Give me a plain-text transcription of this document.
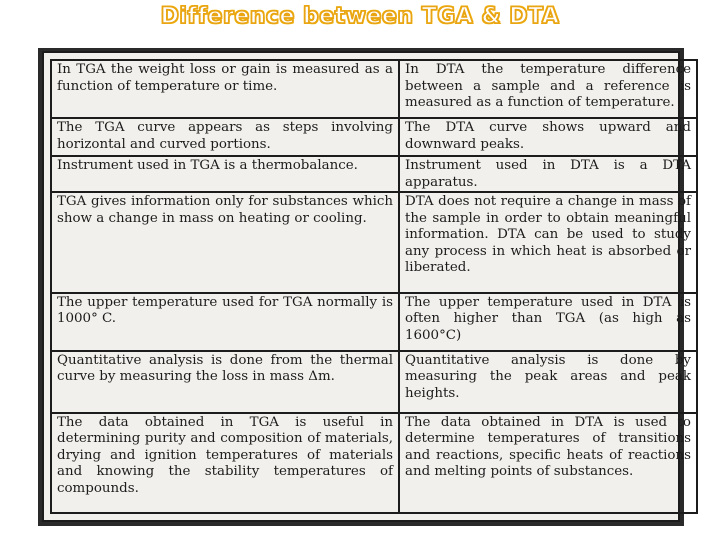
Difference between TGA & DTA
In TGA the weight loss or gain is measured as a function of temperature or time.	In DTA the temperature difference between a sample and a reference is measured as a function of temperature.
The TGA curve appears as steps involving horizontal and curved portions.	The DTA curve shows upward and downward peaks.
Instrument used in TGA is a thermobalance.	Instrument used in DTA is a DTA apparatus.
TGA gives information only for substances which show a change in mass on heating or cooling.	DTA does not require a change in mass of the sample in order to obtain meaningful information. DTA can be used to study any process in which heat is absorbed or liberated.
The upper temperature used for TGA normally is 1000° C.	The upper temperature used in DTA is often higher than TGA (as high as 1600°C)
Quantitative analysis is done from the thermal curve by measuring the loss in mass Δm.	Quantitative analysis is done by measuring the peak areas and peak heights.
The data obtained in TGA is useful in determining purity and composition of materials, drying and ignition temperatures of materials and knowing the stability temperatures of compounds.	The data obtained in DTA is used to determine temperatures of transitions and reactions, specific heats of reactions and melting points of substances.
